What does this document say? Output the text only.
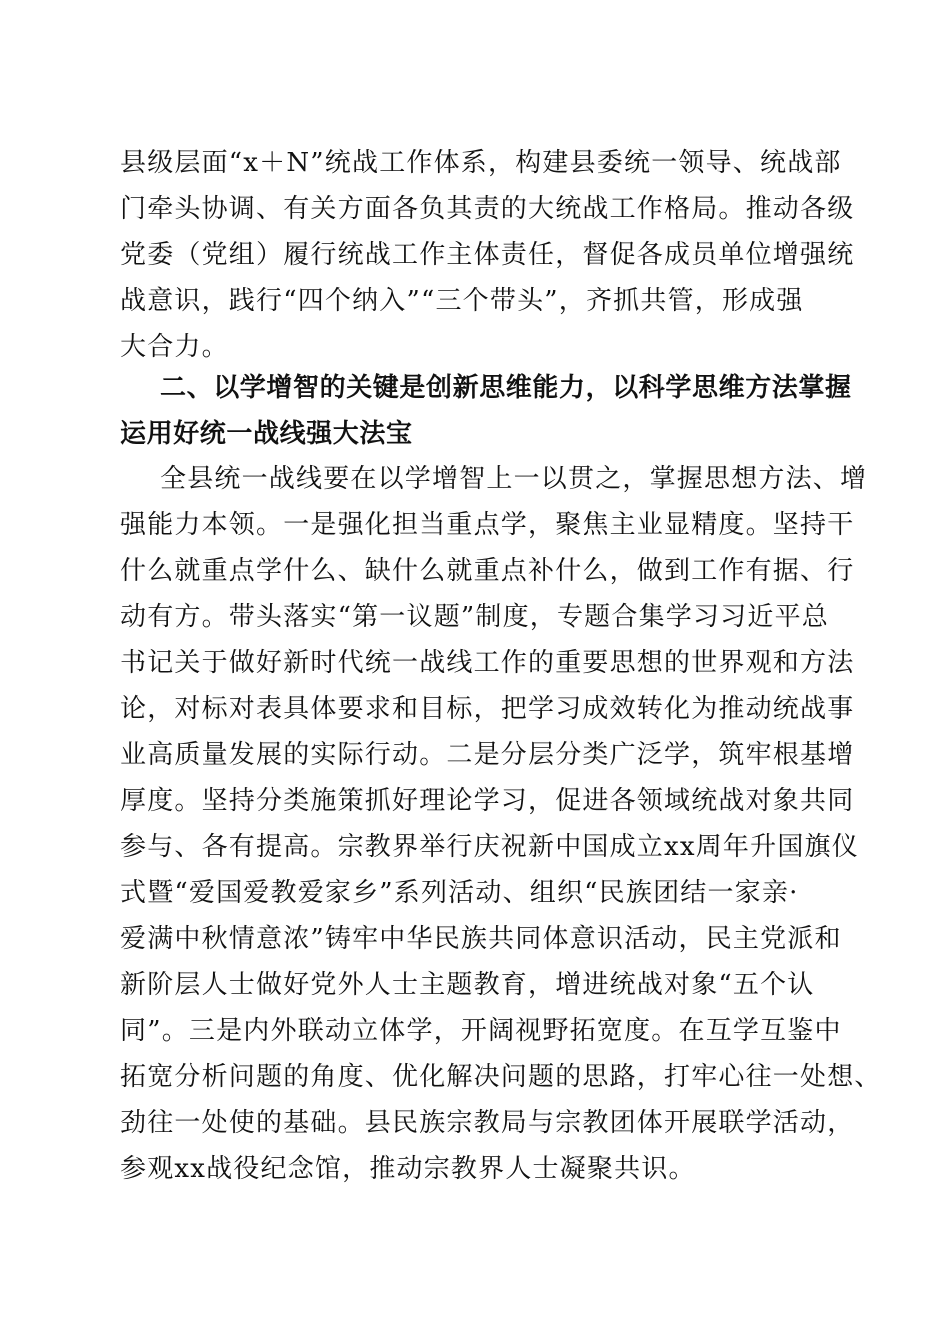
县级层面“x＋N”统战工作体系，构建县委统一领导、统战部
门牵头协调、有关方面各负其责的大统战工作格局。推动各级
党委（党组）履行统战工作主体责任，督促各成员单位增强统
战意识，践行“四个纳入”“三个带头”，齐抓共管，形成强
大合力。
二、以学增智的关键是创新思维能力，以科学思维方法掌握
运用好统一战线强大法宝
全县统一战线要在以学增智上一以贯之，掌握思想方法、增
强能力本领。一是强化担当重点学，聚焦主业显精度。坚持干
什么就重点学什么、缺什么就重点补什么，做到工作有据、行
动有方。带头落实“第一议题”制度，专题合集学习习近平总
书记关于做好新时代统一战线工作的重要思想的世界观和方法
论，对标对表具体要求和目标，把学习成效转化为推动统战事
业高质量发展的实际行动。二是分层分类广泛学，筑牢根基增
厚度。坚持分类施策抓好理论学习，促进各领域统战对象共同
参与、各有提高。宗教界举行庆祝新中国成立xx周年升国旗仪
式暨“爱国爱教爱家乡”系列活动、组织“民族团结一家亲·
爱满中秋情意浓”铸牢中华民族共同体意识活动，民主党派和
新阶层人士做好党外人士主题教育，增进统战对象“五个认
同”。三是内外联动立体学，开阔视野拓宽度。在互学互鉴中
拓宽分析问题的角度、优化解决问题的思路，打牢心往一处想、
劲往一处使的基础。县民族宗教局与宗教团体开展联学活动，
参观xx战役纪念馆，推动宗教界人士凝聚共识。
